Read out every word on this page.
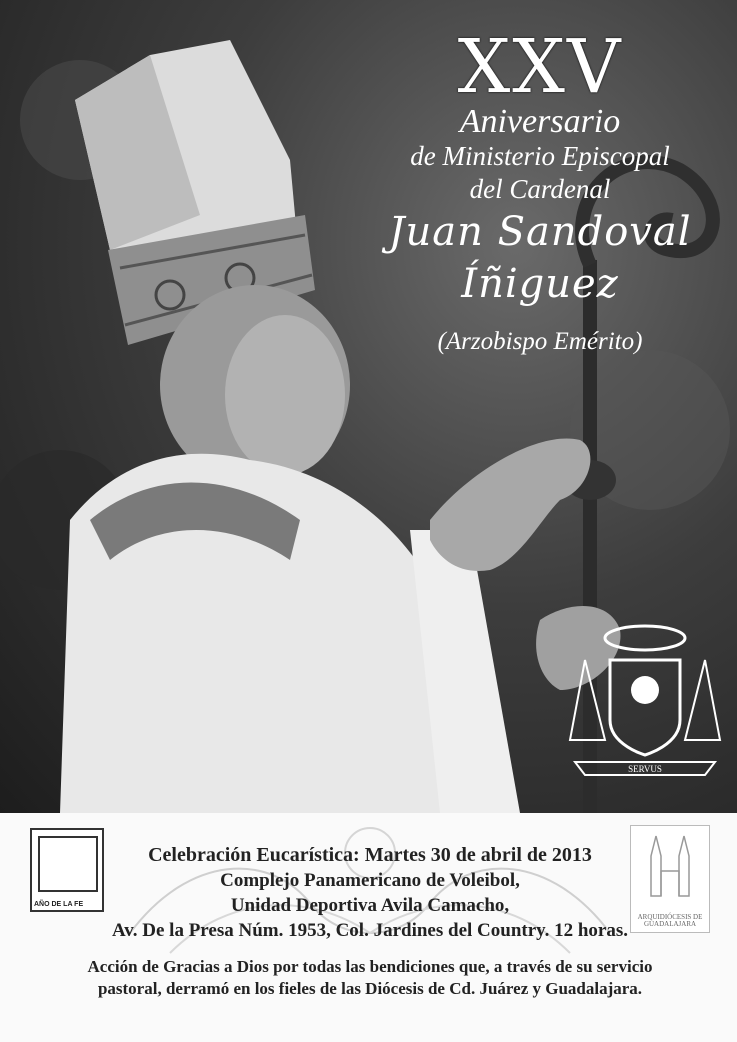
XXV
Aniversario
de Ministerio Episcopal
del Cardenal
Juan Sandoval Íñiguez
(Arzobispo Emérito)
SERVUS
AÑO DE LA FE
ARQUIDIÓCESIS DE GUADALAJARA
Celebración Eucarística: Martes 30 de abril de 2013
Complejo Panamericano de Voleibol,
Unidad Deportiva Avila Camacho,
Av. De la Presa Núm. 1953, Col. Jardines del Country. 12 horas.
Acción de Gracias a Dios por todas las bendiciones que, a través de su servicio
pastoral, derramó en los fieles de las Diócesis de Cd. Juárez y Guadalajara.
